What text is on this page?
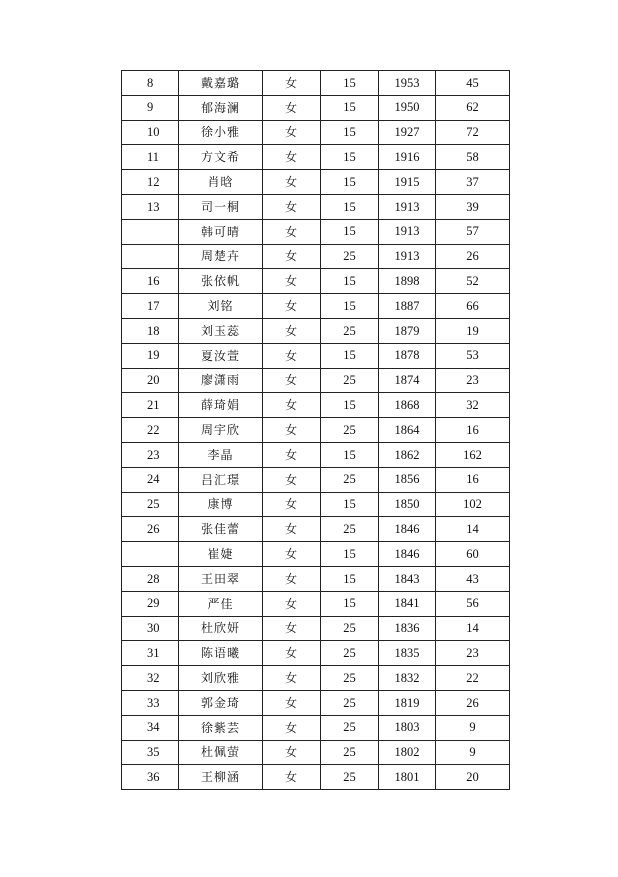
8	戴嘉璐	女	15	1953	45
9	郁海澜	女	15	1950	62
10	徐小雅	女	15	1927	72
11	方文希	女	15	1916	58
12	肖晗	女	15	1915	37
13	司一桐	女	15	1913	39
	韩可晴	女	15	1913	57
	周楚卉	女	25	1913	26
16	张依帆	女	15	1898	52
17	刘铭	女	15	1887	66
18	刘玉蕊	女	25	1879	19
19	夏汝萱	女	15	1878	53
20	廖潇雨	女	25	1874	23
21	薛琦娟	女	15	1868	32
22	周宇欣	女	25	1864	16
23	李晶	女	15	1862	162
24	吕汇璟	女	25	1856	16
25	康博	女	15	1850	102
26	张佳蕾	女	25	1846	14
	崔婕	女	15	1846	60
28	王田翠	女	15	1843	43
29	严佳	女	15	1841	56
30	杜欣妍	女	25	1836	14
31	陈语曦	女	25	1835	23
32	刘欣雅	女	25	1832	22
33	郭金琦	女	25	1819	26
34	徐紫芸	女	25	1803	9
35	杜佩萤	女	25	1802	9
36	王柳涵	女	25	1801	20
